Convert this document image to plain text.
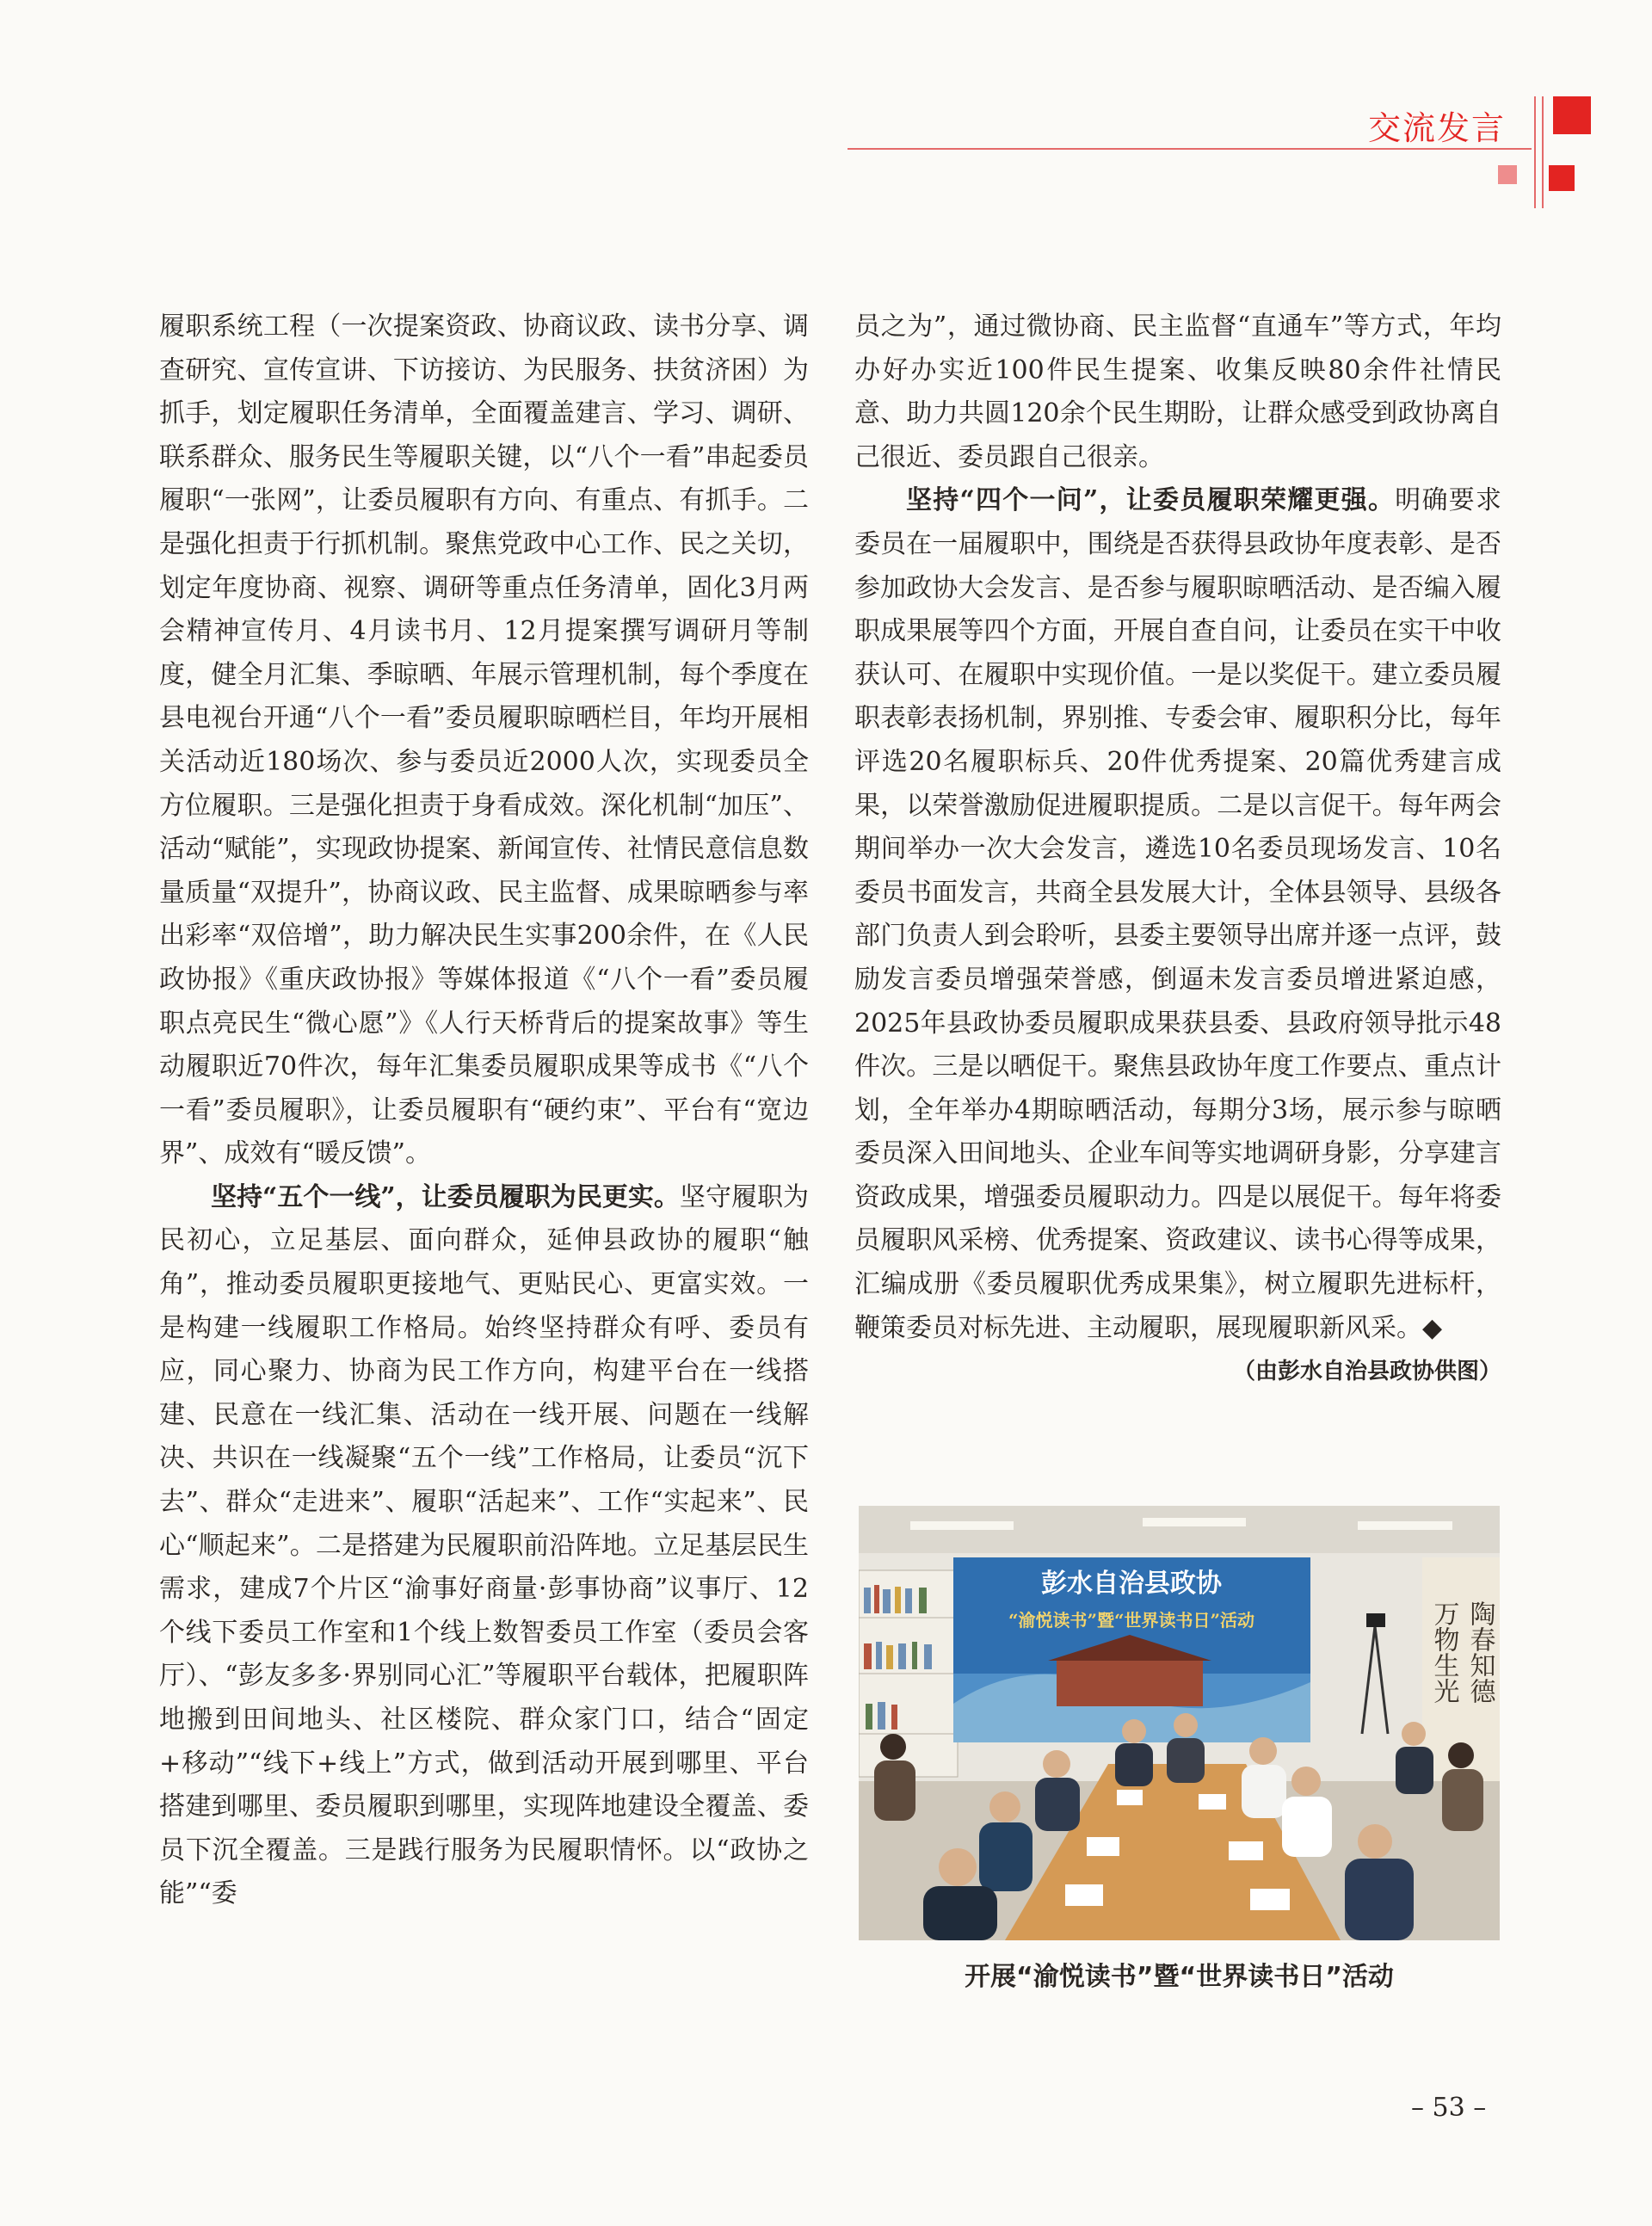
交流发言

履职系统工程（一次提案资政、协商议政、读书分享、调查研究、宣传宣讲、下访接访、为民服务、扶贫济困）为抓手，划定履职任务清单，全面覆盖建言、学习、调研、联系群众、服务民生等履职关键，以“八个一看”串起委员履职“一张网”，让委员履职有方向、有重点、有抓手。二是强化担责于行抓机制。聚焦党政中心工作、民之关切，划定年度协商、视察、调研等重点任务清单，固化3月两会精神宣传月、4月读书月、12月提案撰写调研月等制度，健全月汇集、季晾晒、年展示管理机制，每个季度在县电视台开通“八个一看”委员履职晾晒栏目，年均开展相关活动近180场次、参与委员近2000人次，实现委员全方位履职。三是强化担责于身看成效。深化机制“加压”、活动“赋能”，实现政协提案、新闻宣传、社情民意信息数量质量“双提升”，协商议政、民主监督、成果晾晒参与率出彩率“双倍增”，助力解决民生实事200余件，在《人民政协报》《重庆政协报》等媒体报道《“八个一看”委员履职点亮民生“微心愿”》《人行天桥背后的提案故事》等生动履职近70件次，每年汇集委员履职成果等成书《“八个一看”委员履职》，让委员履职有“硬约束”、平台有“宽边界”、成效有“暖反馈”。

坚持“五个一线”，让委员履职为民更实。坚守履职为民初心，立足基层、面向群众，延伸县政协的履职“触角”，推动委员履职更接地气、更贴民心、更富实效。一是构建一线履职工作格局。始终坚持群众有呼、委员有应，同心聚力、协商为民工作方向，构建平台在一线搭建、民意在一线汇集、活动在一线开展、问题在一线解决、共识在一线凝聚“五个一线”工作格局，让委员“沉下去”、群众“走进来”、履职“活起来”、工作“实起来”、民心“顺起来”。二是搭建为民履职前沿阵地。立足基层民生需求，建成7个片区“渝事好商量·彭事协商”议事厅、12个线下委员工作室和1个线上数智委员工作室（委员会客厅）、“彭友多多·界别同心汇”等履职平台载体，把履职阵地搬到田间地头、社区楼院、群众家门口，结合“固定+移动”“线下+线上”方式，做到活动开展到哪里、平台搭建到哪里、委员履职到哪里，实现阵地建设全覆盖、委员下沉全覆盖。三是践行服务为民履职情怀。以“政协之能”“委

员之为”，通过微协商、民主监督“直通车”等方式，年均办好办实近100件民生提案、收集反映80余件社情民意、助力共圆120余个民生期盼，让群众感受到政协离自己很近、委员跟自己很亲。

坚持“四个一问”，让委员履职荣耀更强。明确要求委员在一届履职中，围绕是否获得县政协年度表彰、是否参加政协大会发言、是否参与履职晾晒活动、是否编入履职成果展等四个方面，开展自查自问，让委员在实干中收获认可、在履职中实现价值。一是以奖促干。建立委员履职表彰表扬机制，界别推、专委会审、履职积分比，每年评选20名履职标兵、20件优秀提案、20篇优秀建言成果，以荣誉激励促进履职提质。二是以言促干。每年两会期间举办一次大会发言，遴选10名委员现场发言、10名委员书面发言，共商全县发展大计，全体县领导、县级各部门负责人到会聆听，县委主要领导出席并逐一点评，鼓励发言委员增强荣誉感，倒逼未发言委员增进紧迫感，2025年县政协委员履职成果获县委、县政府领导批示48件次。三是以晒促干。聚焦县政协年度工作要点、重点计划，全年举办4期晾晒活动，每期分3场，展示参与晾晒委员深入田间地头、企业车间等实地调研身影，分享建言资政成果，增强委员履职动力。四是以展促干。每年将委员履职风采榜、优秀提案、资政建议、读书心得等成果，汇编成册《委员履职优秀成果集》，树立履职先进标杆，鞭策委员对标先进、主动履职，展现履职新风采。◆
（由彭水自治县政协供图）

彭水自治县政协
“渝悦读书”暨“世界读书日”活动	陶春知德
万物生光
开展“渝悦读书”暨“世界读书日”活动
– 53 –
